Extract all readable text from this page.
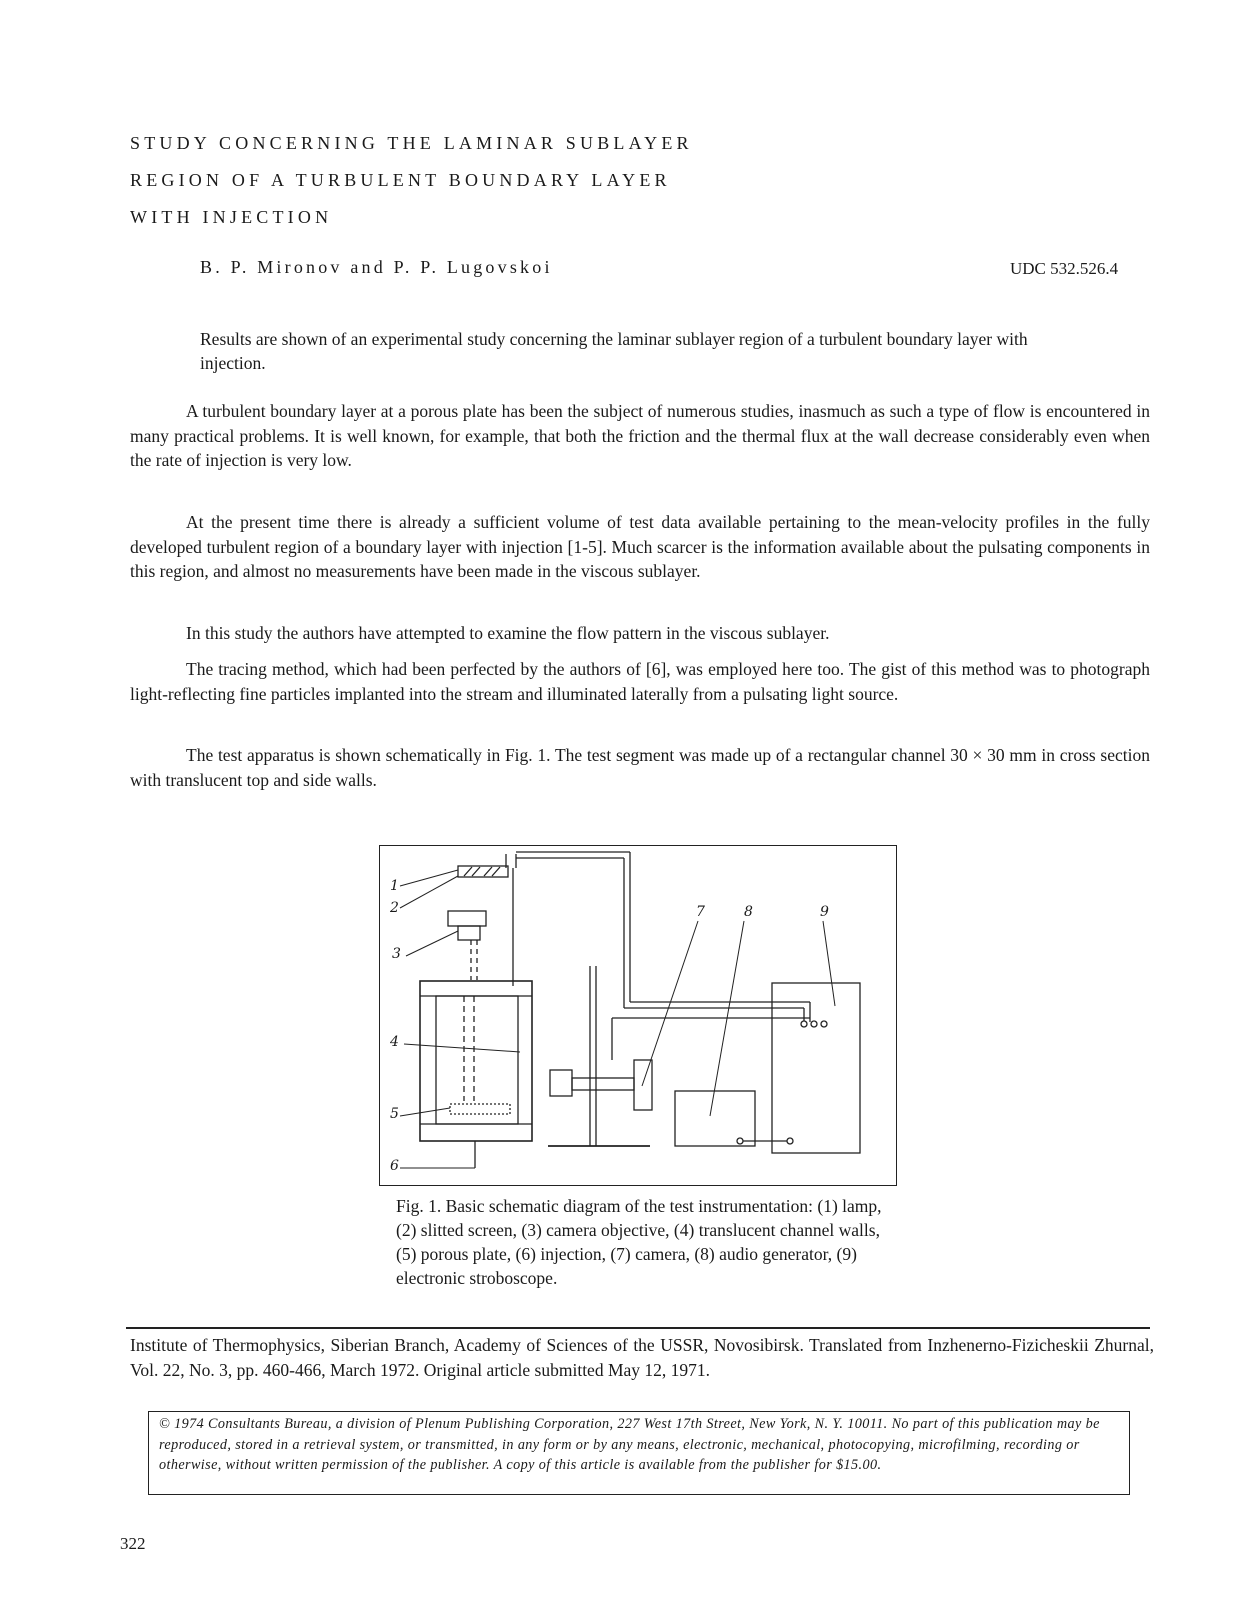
STUDY CONCERNING THE LAMINAR SUBLAYER
REGION OF A TURBULENT BOUNDARY LAYER
WITH INJECTION
B. P. Mironov and P. P. Lugovskoi	UDC 532.526.4
Results are shown of an experimental study concerning the laminar sublayer region of a turbulent boundary layer with injection.

A turbulent boundary layer at a porous plate has been the subject of numerous studies, inasmuch as such a type of flow is encountered in many practical problems. It is well known, for example, that both the friction and the thermal flux at the wall decrease considerably even when the rate of injection is very low.

At the present time there is already a sufficient volume of test data available pertaining to the mean-velocity profiles in the fully developed turbulent region of a boundary layer with injection [1-5]. Much scarcer is the information available about the pulsating components in this region, and almost no measurements have been made in the viscous sublayer.

In this study the authors have attempted to examine the flow pattern in the viscous sublayer.

The tracing method, which had been perfected by the authors of [6], was employed here too. The gist of this method was to photograph light-reflecting fine particles implanted into the stream and illuminated laterally from a pulsating light source.

The test apparatus is shown schematically in Fig. 1. The test segment was made up of a rectangular channel 30 × 30 mm in cross section with translucent top and side walls.

1
2
3
4
5
6
7	8	9
Fig. 1. Basic schematic diagram of the test instrumentation: (1) lamp, (2) slitted screen, (3) camera objective, (4) translucent channel walls, (5) porous plate, (6) injection, (7) camera, (8) audio generator, (9) electronic stroboscope.
Institute of Thermophysics, Siberian Branch, Academy of Sciences of the USSR, Novosibirsk. Translated from Inzhenerno-Fizicheskii Zhurnal, Vol. 22, No. 3, pp. 460-466, March 1972. Original article submitted May 12, 1971.
© 1974 Consultants Bureau, a division of Plenum Publishing Corporation, 227 West 17th Street, New York, N. Y. 10011. No part of this publication may be reproduced, stored in a retrieval system, or transmitted, in any form or by any means, electronic, mechanical, photocopying, microfilming, recording or otherwise, without written permission of the publisher. A copy of this article is available from the publisher for $15.00.
322
